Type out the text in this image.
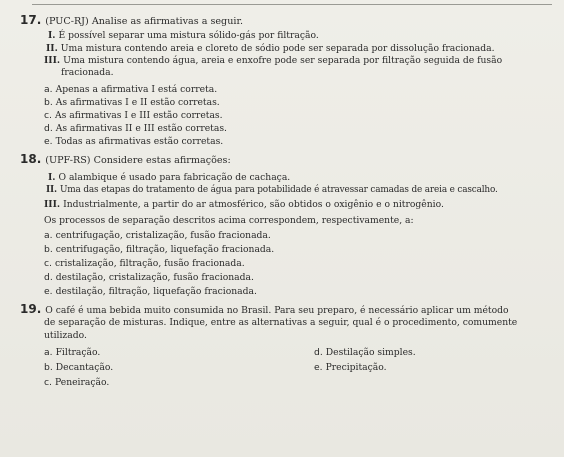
17. (PUC-RJ) Analise as afirmativas a seguir.
I. É possível separar uma mistura sólido-gás por filtração.
II. Uma mistura contendo areia e cloreto de sódio pode ser separada por dissolução fracionada.
III. Uma mistura contendo água, areia e enxofre pode ser separada por filtração seguida de fusão
fracionada.
a. Apenas a afirmativa I está correta.
b. As afirmativas I e II estão corretas.
c. As afirmativas I e III estão corretas.
d. As afirmativas II e III estão corretas.
e. Todas as afirmativas estão corretas.
18. (UPF-RS) Considere estas afirmações:
I. O alambique é usado para fabricação de cachaça.
II. Uma das etapas do tratamento de água para potabilidade é atravessar camadas de areia e cascalho.
III. Industrialmente, a partir do ar atmosférico, são obtidos o oxigênio e o nitrogênio.
Os processos de separação descritos acima correspondem, respectivamente, a:
a. centrifugação, cristalização, fusão fracionada.
b. centrifugação, filtração, liquefação fracionada.
c. cristalização, filtração, fusão fracionada.
d. destilação, cristalização, fusão fracionada.
e. destilação, filtração, liquefação fracionada.
19. O café é uma bebida muito consumida no Brasil. Para seu preparo, é necessário aplicar um método
de separação de misturas. Indique, entre as alternativas a seguir, qual é o procedimento, comumente
utilizado.
a. Filtração.
b. Decantação.
c. Peneiração.
d. Destilação simples.
e. Precipitação.
